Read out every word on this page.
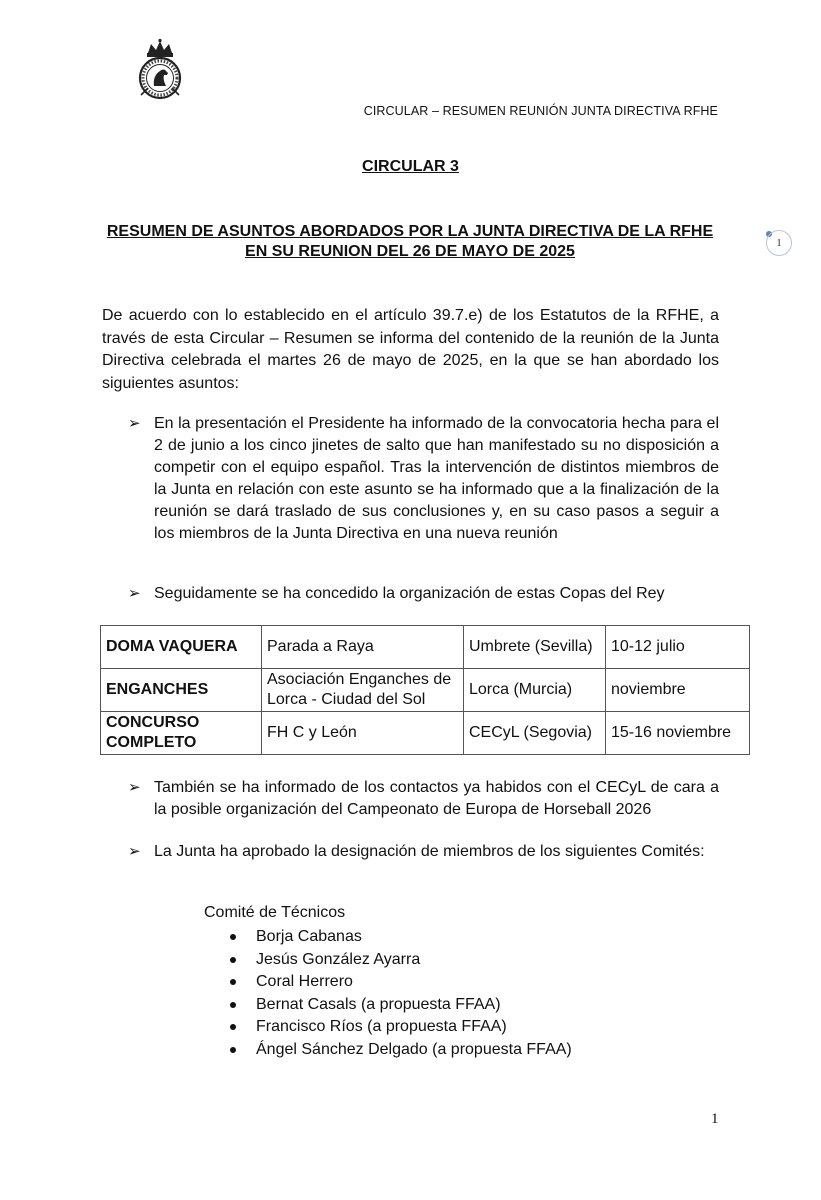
CIRCULAR – RESUMEN REUNIÓN JUNTA DIRECTIVA RFHE
CIRCULAR 3
RESUMEN DE ASUNTOS ABORDADOS POR LA JUNTA DIRECTIVA DE LA RFHE
EN SU REUNION DEL 26 DE MAYO DE 2025	1
De acuerdo con lo establecido en el artículo 39.7.e) de los Estatutos de la RFHE, a través de esta Circular – Resumen se informa del contenido de la reunión de la Junta Directiva celebrada el martes 26 de mayo de 2025, en la que se han abordado los siguientes asuntos:
➢ En la presentación el Presidente ha informado de la convocatoria hecha para el 2 de junio a los cinco jinetes de salto que han manifestado su no disposición a competir con el equipo español. Tras la intervención de distintos miembros de la Junta en relación con este asunto se ha informado que a la finalización de la reunión se dará traslado de sus conclusiones y, en su caso pasos a seguir a los miembros de la Junta Directiva en una nueva reunión
➢ Seguidamente se ha concedido la organización de estas Copas del Rey
DOMA VAQUERA	Parada a Raya	Umbrete (Sevilla)	10-12 julio
ENGANCHES	Asociación Enganches de Lorca - Ciudad del Sol	Lorca (Murcia)	noviembre
CONCURSO COMPLETO	FH C y León	CECyL (Segovia)	15-16 noviembre
➢ También se ha informado de los contactos ya habidos con el CECyL de cara a la posible organización del Campeonato de Europa de Horseball 2026
➢ La Junta ha aprobado la designación de miembros de los siguientes Comités:
Comité de Técnicos
Borja Cabanas
Jesús González Ayarra
Coral Herrero
Bernat Casals (a propuesta FFAA)
Francisco Ríos (a propuesta FFAA)
Ángel Sánchez Delgado (a propuesta FFAA)
1
